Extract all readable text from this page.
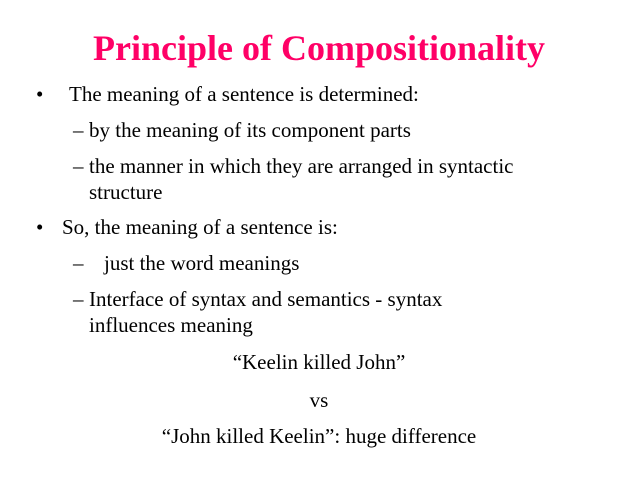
Principle of Compositionality
• The meaning of a sentence is determined:
– by the meaning of its component parts
– the manner in which they are arranged in syntactic
structure
• So, the meaning of a sentence is:
– just the word meanings
– Interface of syntax and semantics - syntax
influences meaning
“Keelin killed John”
vs
“John killed Keelin”: huge difference
